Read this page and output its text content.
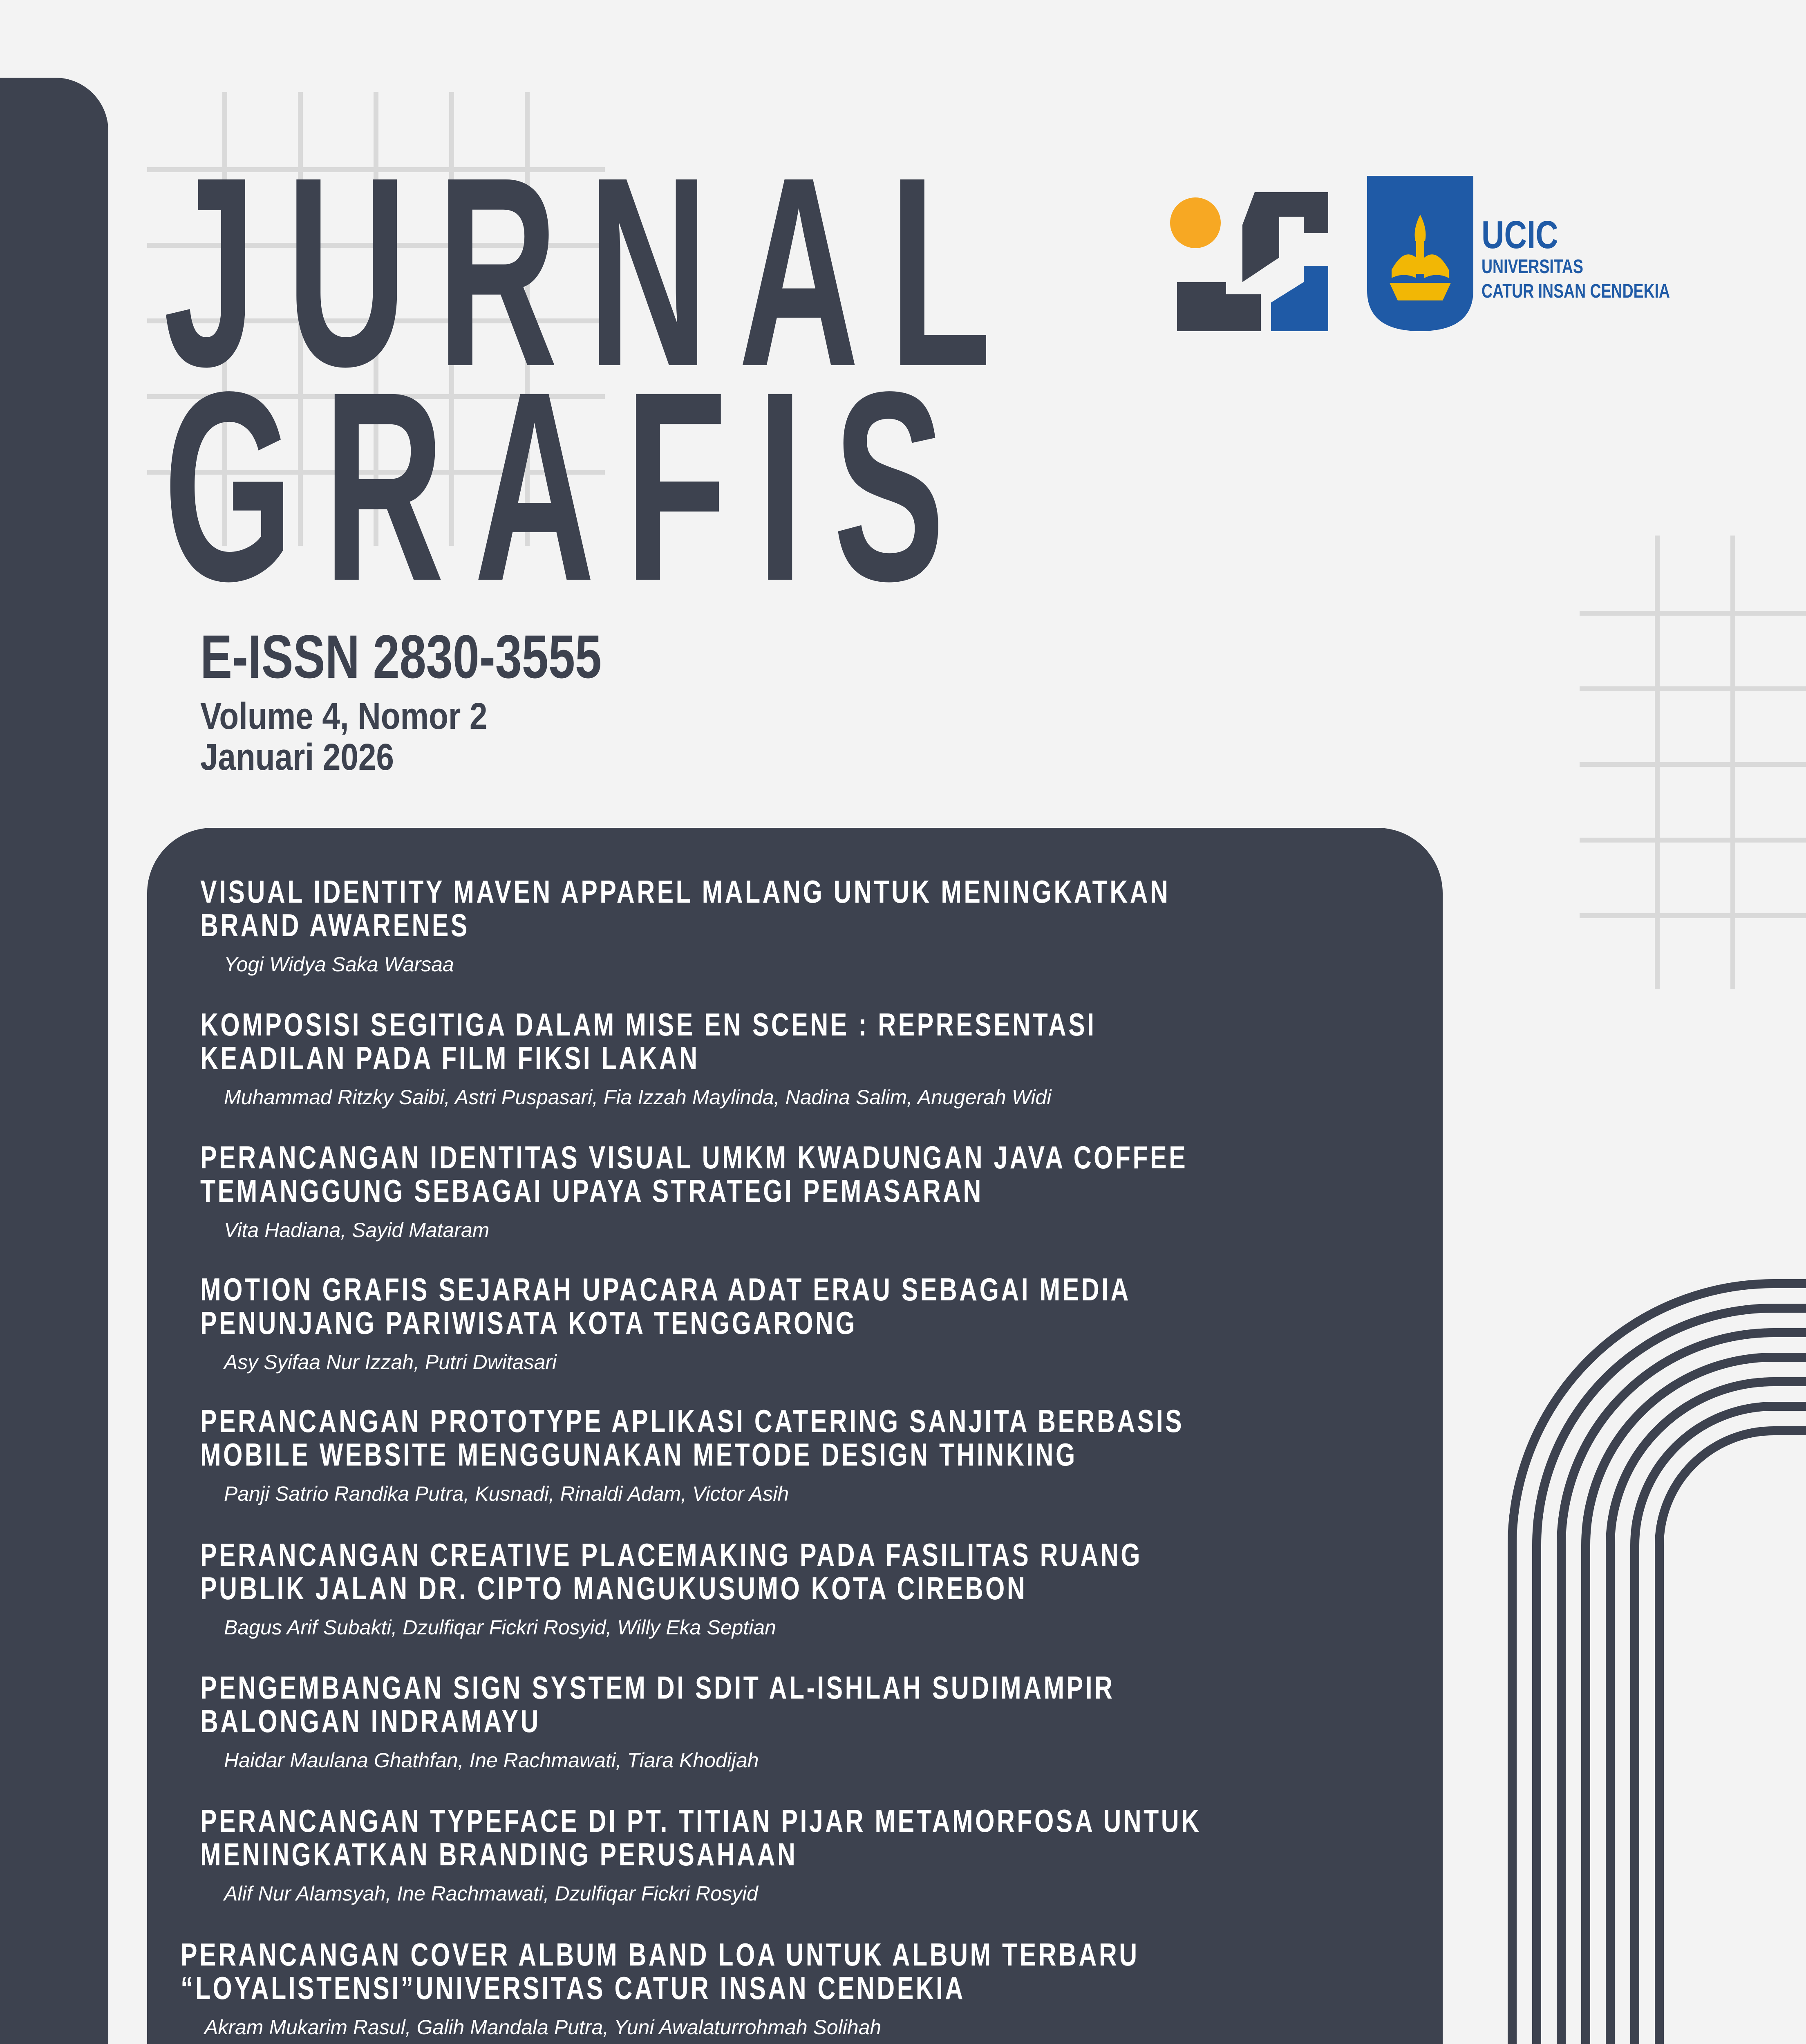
JURNAL
GRAFIS

E-ISSN 2830-3555

Volume 4, Nomor 2

Januari 2026

UCIC
UNIVERSITAS
CATUR INSAN CENDEKIA

VISUAL IDENTITY MAVEN APPAREL MALANG UNTUK MENINGKATKAN
BRAND AWARENES

Yogi Widya Saka Warsaa

KOMPOSISI SEGITIGA DALAM MISE EN SCENE : REPRESENTASI
KEADILAN PADA FILM FIKSI LAKAN

Muhammad Ritzky Saibi, Astri Puspasari, Fia Izzah Maylinda, Nadina Salim, Anugerah Widi

PERANCANGAN IDENTITAS VISUAL UMKM KWADUNGAN JAVA COFFEE
TEMANGGUNG SEBAGAI UPAYA STRATEGI PEMASARAN

Vita Hadiana, Sayid Mataram

MOTION GRAFIS SEJARAH UPACARA ADAT ERAU SEBAGAI MEDIA
PENUNJANG PARIWISATA KOTA TENGGARONG

Asy Syifaa Nur Izzah, Putri Dwitasari

PERANCANGAN PROTOTYPE APLIKASI CATERING SANJITA BERBASIS
MOBILE WEBSITE MENGGUNAKAN METODE DESIGN THINKING

Panji Satrio Randika Putra, Kusnadi, Rinaldi Adam, Victor Asih

PERANCANGAN CREATIVE PLACEMAKING PADA FASILITAS RUANG
PUBLIK JALAN DR. CIPTO MANGUKUSUMO KOTA CIREBON

Bagus Arif Subakti, Dzulfiqar Fickri Rosyid, Willy Eka Septian

PENGEMBANGAN SIGN SYSTEM DI SDIT AL-ISHLAH SUDIMAMPIR
BALONGAN INDRAMAYU

Haidar Maulana Ghathfan, Ine Rachmawati, Tiara Khodijah

PERANCANGAN TYPEFACE DI PT. TITIAN PIJAR METAMORFOSA UNTUK
MENINGKATKAN BRANDING PERUSAHAAN

Alif Nur Alamsyah, Ine Rachmawati, Dzulfiqar Fickri Rosyid

PERANCANGAN COVER ALBUM BAND LOA UNTUK ALBUM TERBARU
“LOYALISTENSI”UNIVERSITAS CATUR INSAN CENDEKIA

Akram Mukarim Rasul, Galih Mandala Putra, Yuni Awalaturrohmah Solihah
